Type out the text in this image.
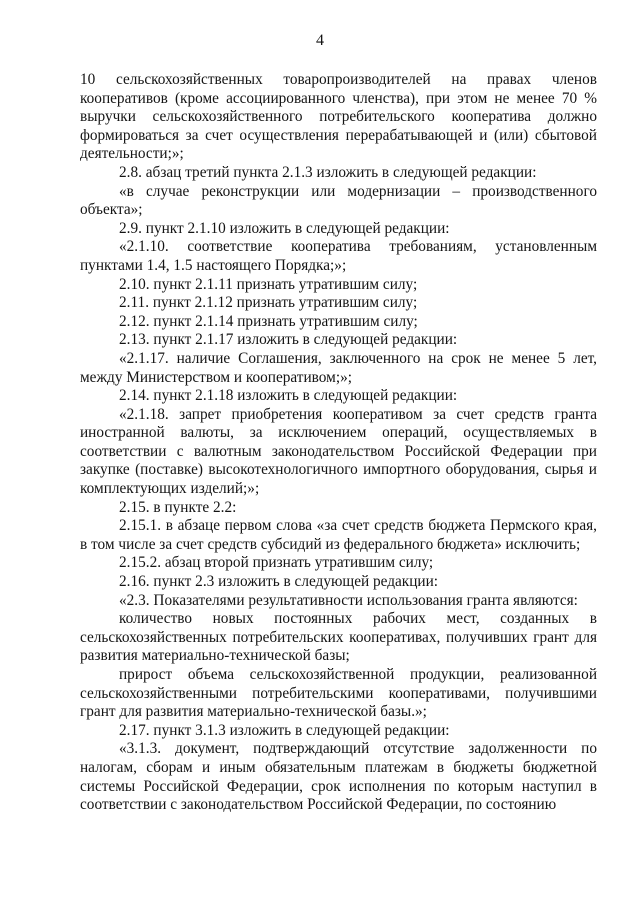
4

10 сельскохозяйственных товаропроизводителей на правах членов кооперативов (кроме ассоциированного членства), при этом не менее 70 % выручки сельскохозяйственного потребительского кооператива должно формироваться за счет осуществления перерабатывающей и (или) сбытовой деятельности;»;

2.8. абзац третий пункта 2.1.3 изложить в следующей редакции:

«в случае реконструкции или модернизации – производственного объекта»;

2.9. пункт 2.1.10 изложить в следующей редакции:

«2.1.10. соответствие кооператива требованиям, установленным пунктами 1.4, 1.5 настоящего Порядка;»;

2.10. пункт 2.1.11 признать утратившим силу;

2.11. пункт 2.1.12 признать утратившим силу;

2.12. пункт 2.1.14 признать утратившим силу;

2.13. пункт 2.1.17 изложить в следующей редакции:

«2.1.17. наличие Соглашения, заключенного на срок не менее 5 лет, между Министерством и кооперативом;»;

2.14. пункт 2.1.18 изложить в следующей редакции:

«2.1.18. запрет приобретения кооперативом за счет средств гранта иностранной валюты, за исключением операций, осуществляемых в соответствии с валютным законодательством Российской Федерации при закупке (поставке) высокотехнологичного импортного оборудования, сырья и комплектующих изделий;»;

2.15. в пункте 2.2:

2.15.1. в абзаце первом слова «за счет средств бюджета Пермского края, в том числе за счет средств субсидий из федерального бюджета» исключить;

2.15.2. абзац второй признать утратившим силу;

2.16. пункт 2.3 изложить в следующей редакции:

«2.3. Показателями результативности использования гранта являются:

количество новых постоянных рабочих мест, созданных в сельскохозяйственных потребительских кооперативах, получивших грант для развития материально-технической базы;

прирост объема сельскохозяйственной продукции, реализованной сельскохозяйственными потребительскими кооперативами, получившими грант для развития материально-технической базы.»;

2.17. пункт 3.1.3 изложить в следующей редакции:

«3.1.3. документ, подтверждающий отсутствие задолженности по налогам, сборам и иным обязательным платежам в бюджеты бюджетной системы Российской Федерации, срок исполнения по которым наступил в соответствии с законодательством Российской Федерации, по состоянию
